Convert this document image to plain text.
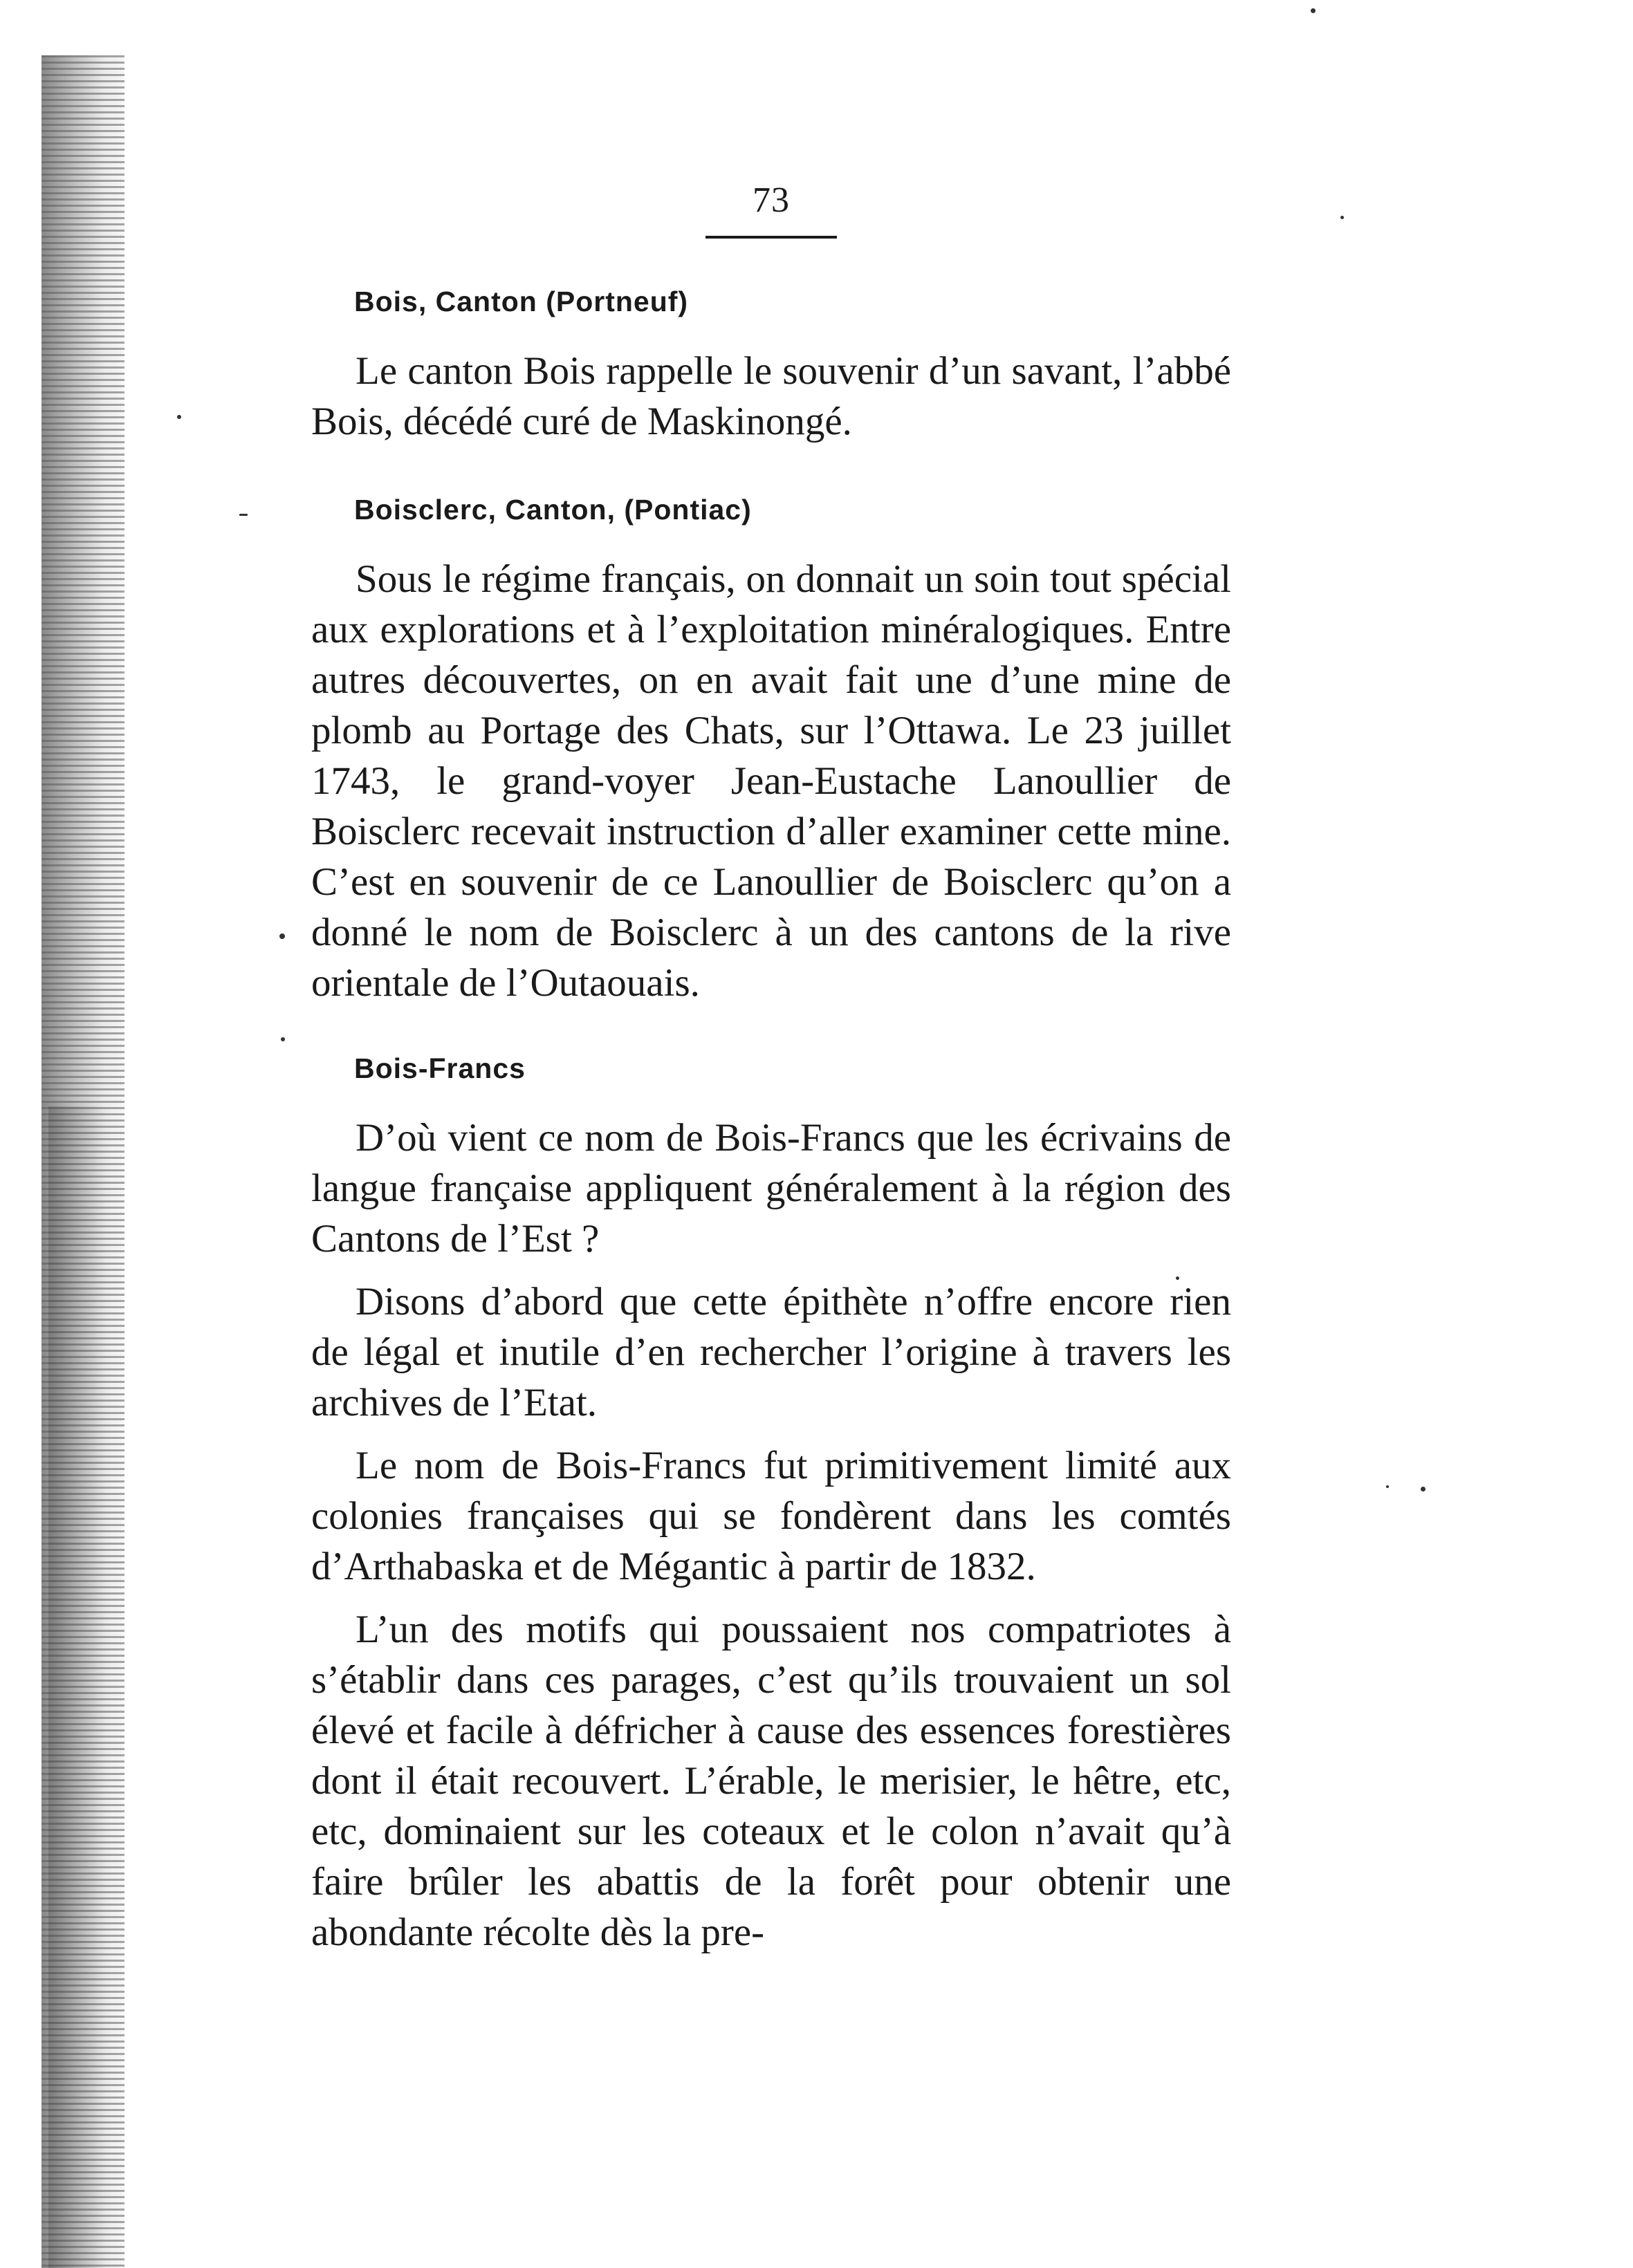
73
Bois, Canton (Portneuf)

Le canton Bois rappelle le souvenir d’un savant, l’abbé Bois, décédé curé de Maskinongé.

Boisclerc, Canton, (Pontiac)

Sous le régime français, on donnait un soin tout spécial aux explorations et à l’exploitation minéralogiques. Entre autres découvertes, on en avait fait une d’une mine de plomb au Portage des Chats, sur l’Ottawa. Le 23 juillet 1743, le grand-voyer Jean-Eustache Lanoullier de Boisclerc recevait instruction d’aller examiner cette mine. C’est en souvenir de ce Lanoullier de Boisclerc qu’on a donné le nom de Boisclerc à un des cantons de la rive orientale de l’Outaouais.

Bois-Francs

D’où vient ce nom de Bois-Francs que les écrivains de langue française appliquent généralement à la région des Cantons de l’Est ?

Disons d’abord que cette épithète n’offre encore rien de légal et inutile d’en rechercher l’origine à travers les archives de l’Etat.

Le nom de Bois-Francs fut primitivement limité aux colonies françaises qui se fondèrent dans les comtés d’Arthabaska et de Mégantic à partir de 1832.

L’un des motifs qui poussaient nos compatriotes à s’établir dans ces parages, c’est qu’ils trouvaient un sol élevé et facile à défricher à cause des essences forestières dont il était recouvert. L’érable, le merisier, le hêtre, etc, etc, dominaient sur les coteaux et le colon n’avait qu’à faire brûler les abattis de la forêt pour obtenir une abondante récolte dès la pre-
